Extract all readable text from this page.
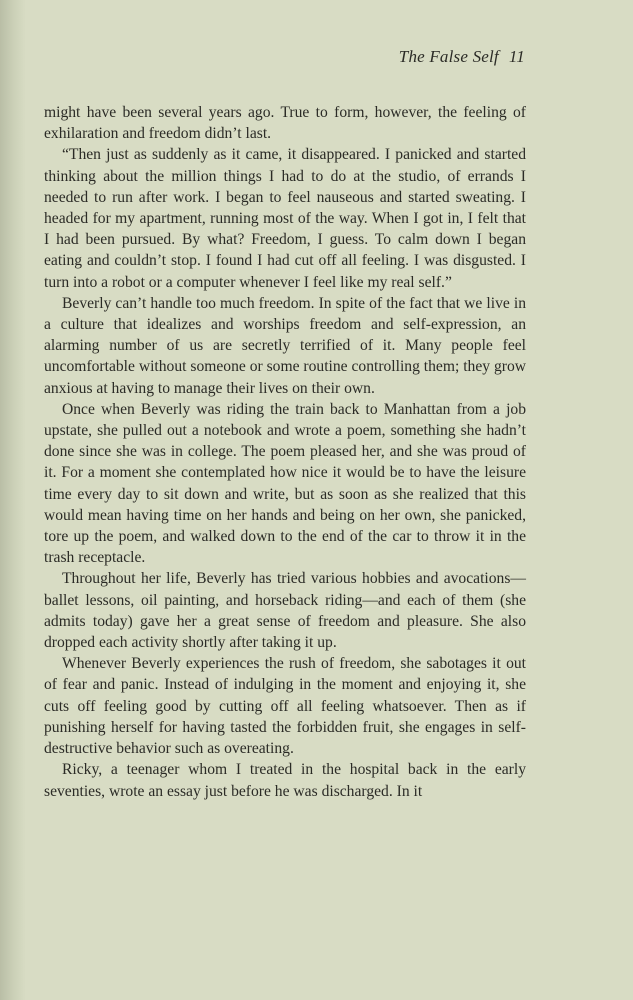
The False Self 11

might have been several years ago. True to form, however, the feeling of exhilaration and freedom didn’t last.

“Then just as suddenly as it came, it disappeared. I panicked and started thinking about the million things I had to do at the studio, of errands I needed to run after work. I began to feel nauseous and started sweating. I headed for my apartment, running most of the way. When I got in, I felt that I had been pursued. By what? Freedom, I guess. To calm down I began eating and couldn’t stop. I found I had cut off all feeling. I was disgusted. I turn into a robot or a computer whenever I feel like my real self.”

Beverly can’t handle too much freedom. In spite of the fact that we live in a culture that idealizes and worships freedom and self-expression, an alarming number of us are secretly terrified of it. Many people feel uncomfortable without someone or some routine controlling them; they grow anxious at having to manage their lives on their own.

Once when Beverly was riding the train back to Manhattan from a job upstate, she pulled out a notebook and wrote a poem, something she hadn’t done since she was in college. The poem pleased her, and she was proud of it. For a moment she contemplated how nice it would be to have the leisure time every day to sit down and write, but as soon as she realized that this would mean having time on her hands and being on her own, she panicked, tore up the poem, and walked down to the end of the car to throw it in the trash receptacle.

Throughout her life, Beverly has tried various hobbies and avocations—ballet lessons, oil painting, and horseback riding—and each of them (she admits today) gave her a great sense of freedom and pleasure. She also dropped each activity shortly after taking it up.

Whenever Beverly experiences the rush of freedom, she sabotages it out of fear and panic. Instead of indulging in the moment and enjoying it, she cuts off feeling good by cutting off all feeling whatsoever. Then as if punishing herself for having tasted the forbidden fruit, she engages in self-destructive behavior such as overeating.

Ricky, a teenager whom I treated in the hospital back in the early seventies, wrote an essay just before he was discharged. In it
